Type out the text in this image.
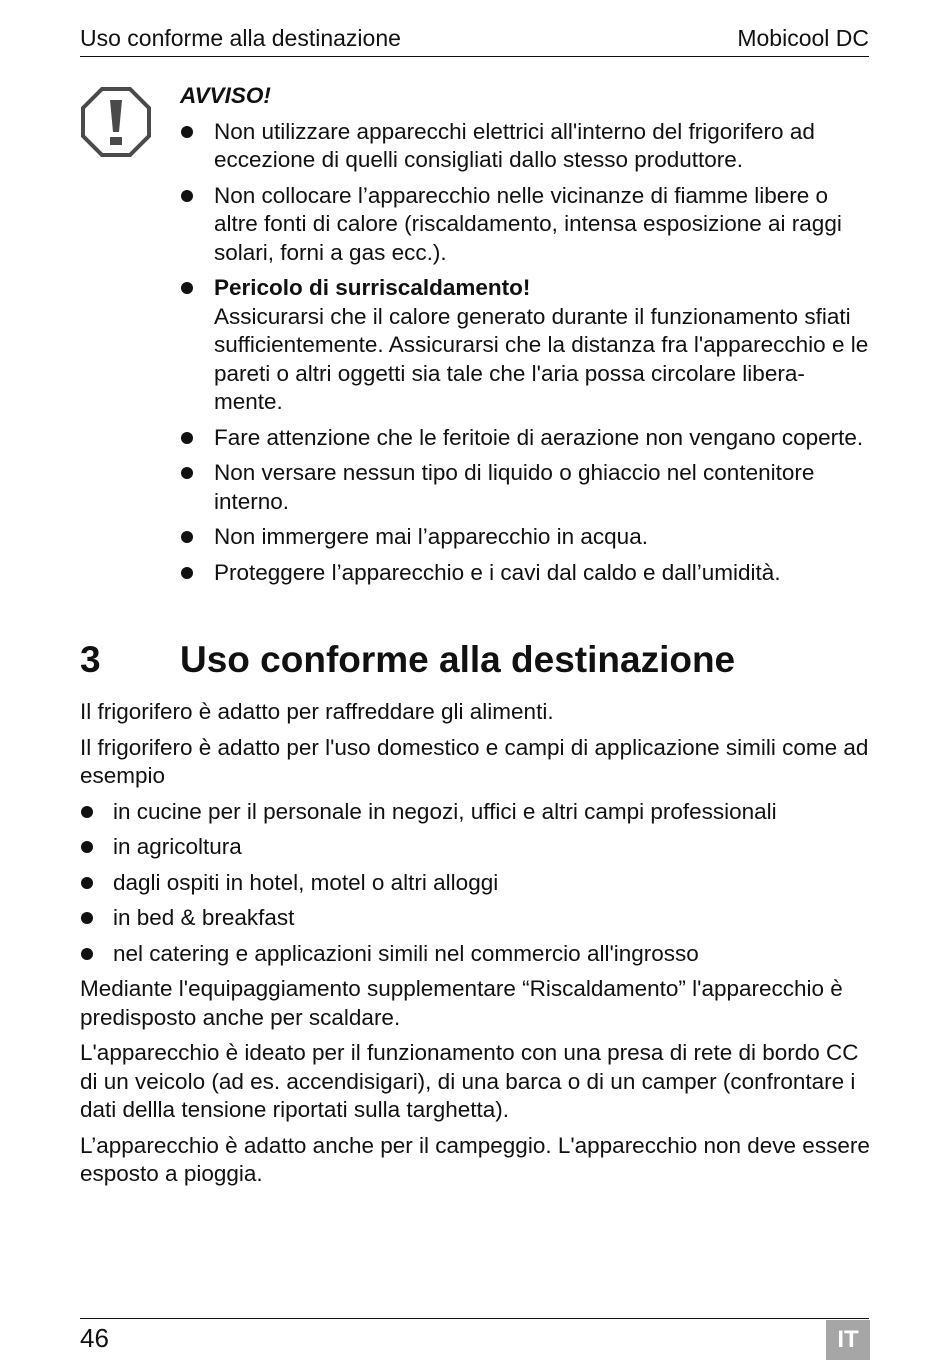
Uso conforme alla destinazione	Mobicool DC
AVVISO!
Non utilizzare apparecchi elettrici all'interno del frigorifero ad eccezione di quelli consigliati dallo stesso produttore.
Non collocare l’apparecchio nelle vicinanze di fiamme libere o altre fonti di calore (riscaldamento, intensa esposizione ai raggi solari, forni a gas ecc.).
Pericolo di surriscaldamento!
Assicurarsi che il calore generato durante il funzionamento sfiati sufficientemente. Assicurarsi che la distanza fra l'apparecchio e le pareti o altri oggetti sia tale che l'aria possa circolare libera-mente.
Fare attenzione che le feritoie di aerazione non vengano coperte.
Non versare nessun tipo di liquido o ghiaccio nel contenitore interno.
Non immergere mai l’apparecchio in acqua.
Proteggere l’apparecchio e i cavi dal caldo e dall’umidità.
3 Uso conforme alla destinazione

Il frigorifero è adatto per raffreddare gli alimenti.

Il frigorifero è adatto per l'uso domestico e campi di applicazione simili come ad esempio

in cucine per il personale in negozi, uffici e altri campi professionali
in agricoltura
dagli ospiti in hotel, motel o altri alloggi
in bed & breakfast
nel catering e applicazioni simili nel commercio all'ingrosso

Mediante l'equipaggiamento supplementare “Riscaldamento” l'apparecchio è predisposto anche per scaldare.

L'apparecchio è ideato per il funzionamento con una presa di rete di bordo CC di un veicolo (ad es. accendisigari), di una barca o di un camper (confrontare i dati dellla tensione riportati sulla targhetta).

L’apparecchio è adatto anche per il campeggio. L'apparecchio non deve essere esposto a pioggia.

46	IT
